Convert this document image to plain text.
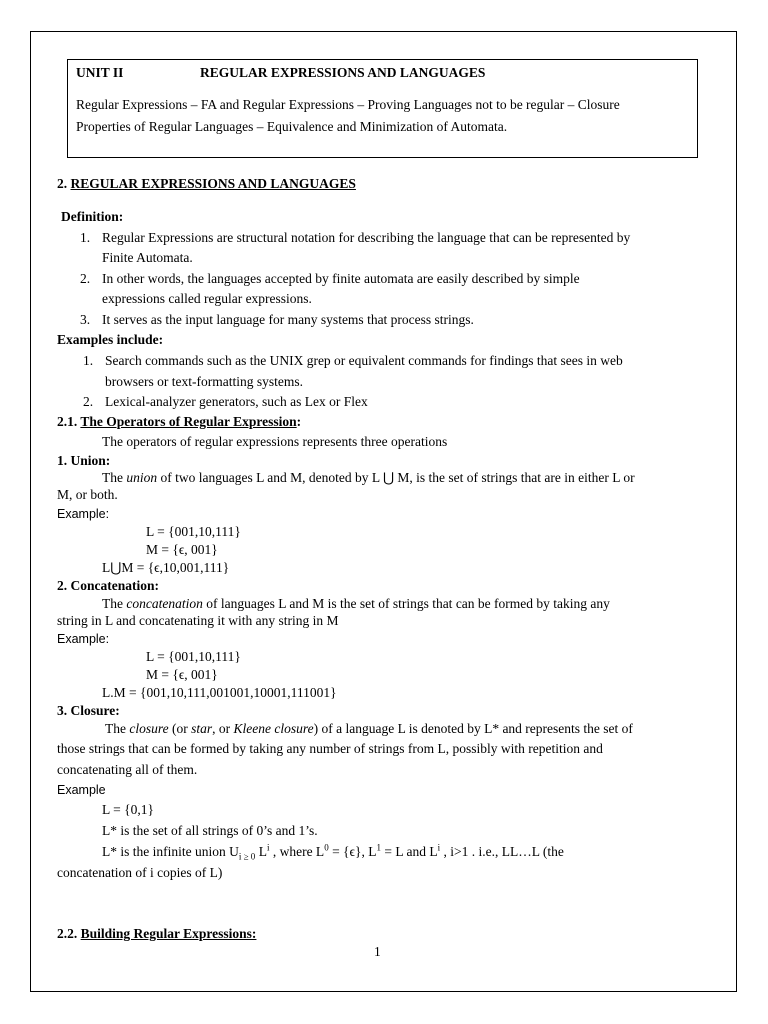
UNIT II	REGULAR EXPRESSIONS AND LANGUAGES
Regular Expressions – FA and Regular Expressions – Proving Languages not to be regular – Closure
Properties of Regular Languages – Equivalence and Minimization of Automata.
2. REGULAR EXPRESSIONS AND LANGUAGES
Definition:
1. Regular Expressions are structural notation for describing the language that can be represented by
Finite Automata.
2. In other words, the languages accepted by finite automata are easily described by simple
expressions called regular expressions.
3. It serves as the input language for many systems that process strings.
Examples include:
1. Search commands such as the UNIX grep or equivalent commands for findings that sees in web
browsers or text-formatting systems.
2. Lexical-analyzer generators, such as Lex or Flex
2.1. The Operators of Regular Expression:
The operators of regular expressions represents three operations
1. Union:
The union of two languages L and M, denoted by L ⋃ M, is the set of strings that are in either L or
M, or both.
Example:
L = {001,10,111}
M = {ϵ, 001}
L⋃M = {ϵ,10,001,111}
2. Concatenation:
The concatenation of languages L and M is the set of strings that can be formed by taking any
string in L and concatenating it with any string in M
Example:
L = {001,10,111}
M = {ϵ, 001}
L.M = {001,10,111,001001,10001,111001}
3. Closure:
The closure (or star, or Kleene closure) of a language L is denoted by L* and represents the set of
those strings that can be formed by taking any number of strings from L, possibly with repetition and
concatenating all of them.
Example
L = {0,1}
L* is the set of all strings of 0’s and 1’s.
L* is the infinite union $U_{i \ge 0}$ $L^i$ , where $L^0 = \{\epsilon\}$, $L^1 = L$ and $L^i$ , i>1 . i.e., LL…L (the
concatenation of i copies of L)
2.2. Building Regular Expressions:
1
